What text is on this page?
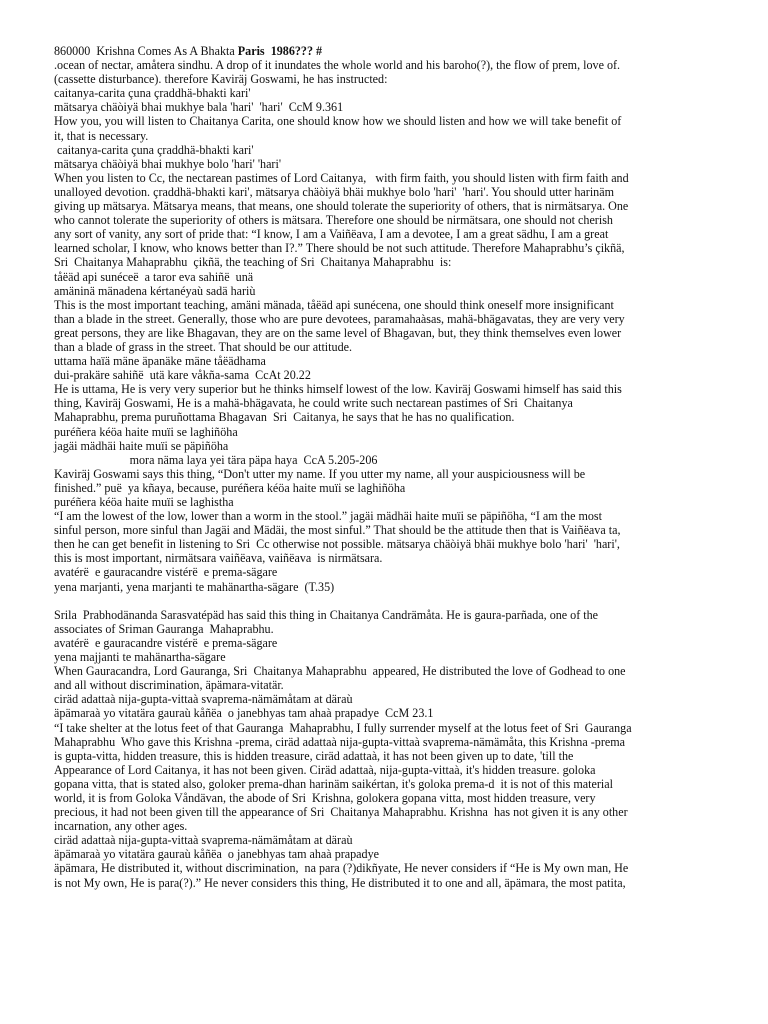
860000 Krishna Comes As A Bhakta Paris 1986??? #
.ocean of nectar, amåtera sindhu. A drop of it inundates the whole world and his baroho(?), the flow of prem, love of.
(cassette disturbance). therefore Kaviräj Goswami, he has instructed:
caitanya-carita çuna çraddhä-bhakti kari'
mätsarya chäòiyä bhai mukhye bala 'hari'  'hari'  CcM 9.361
How you, you will listen to Chaitanya Carita, one should know how we should listen and how we will take benefit of
it, that is necessary.
caitanya-carita çuna çraddhä-bhakti kari'
mätsarya chäòiyä bhai mukhye bolo 'hari' 'hari'
When you listen to Cc, the nectarean pastimes of Lord Caitanya,   with firm faith, you should listen with firm faith and
unalloyed devotion. çraddhä-bhakti kari', mätsarya chäòiyä bhäi mukhye bolo 'hari'  'hari'. You should utter harinäm
giving up mätsarya. Mätsarya means, that means, one should tolerate the superiority of others, that is nirmätsarya. One
who cannot tolerate the superiority of others is mätsara. Therefore one should be nirmätsara, one should not cherish
any sort of vanity, any sort of pride that: “I know, I am a Vaiñëava, I am a devotee, I am a great sädhu, I am a great
learned scholar, I know, who knows better than I?.” There should be not such attitude. Therefore Mahaprabhu’s çikñä,
Sri  Chaitanya Mahaprabhu  çikñä, the teaching of Sri  Chaitanya Mahaprabhu  is:
tåëäd api sunéceë  a taror eva sahiñë  unä
amäninä mänadena kértanéyaù sadä hariù
This is the most important teaching, amäni mänada, tåëäd api sunécena, one should think oneself more insignificant
than a blade in the street. Generally, those who are pure devotees, paramahaàsas, mahä-bhägavatas, they are very very
great persons, they are like Bhagavan, they are on the same level of Bhagavan, but, they think themselves even lower
than a blade of grass in the street. That should be our attitude.
uttama haïä mäne äpanäke mäne tåëädhama
dui-prakäre sahiñë  utä kare våkña-sama  CcAt 20.22
He is uttama, He is very very superior but he thinks himself lowest of the low. Kaviräj Goswami himself has said this
thing, Kaviräj Goswami, He is a mahä-bhägavata, he could write such nectarean pastimes of Sri  Chaitanya
Mahaprabhu, prema puruñottama Bhagavan  Sri  Caitanya, he says that he has no qualification.
puréñera kéöa haite muïi se laghiñöha
jagäi mädhäi haite muïi se päpiñöha
mora näma laya yei tära päpa haya  CcA 5.205-206
Kaviräj Goswami says this thing, “Don't utter my name. If you utter my name, all your auspiciousness will be
finished.” puë  ya kñaya, because, puréñera kéöa haite muïi se laghiñöha
puréñera kéöa haite muïi se laghistha
“I am the lowest of the low, lower than a worm in the stool.” jagäi mädhäi haite muïi se päpiñöha, “I am the most
sinful person, more sinful than Jagäi and Mädäi, the most sinful.” That should be the attitude then that is Vaiñëava ta,
then he can get benefit in listening to Sri  Cc otherwise not possible. mätsarya chäòiyä bhäi mukhye bolo 'hari'  'hari',
this is most important, nirmätsara vaiñëava, vaiñëava  is nirmätsara.
avatérë  e gauracandre vistérë  e prema-sägare
yena marjanti, yena marjanti te mahänartha-sägare  (T.35)
Srila  Prabhodänanda Sarasvatépäd has said this thing in Chaitanya Candrämåta. He is gaura-parñada, one of the
associates of Sriman Gauranga  Mahaprabhu.
avatérë  e gauracandre vistérë  e prema-sägare
yena majjanti te mahänartha-sägare
When Gauracandra, Lord Gauranga, Sri  Chaitanya Mahaprabhu  appeared, He distributed the love of Godhead to one
and all without discrimination, äpämara-vitatär.
ciräd adattaà nija-gupta-vittaà svaprema-nämämåtam at däraù
äpämaraà yo vitatära gauraù kåñëa  o janebhyas tam ahaà prapadye  CcM 23.1
“I take shelter at the lotus feet of that Gauranga  Mahaprabhu, I fully surrender myself at the lotus feet of Sri  Gauranga
Mahaprabhu  Who gave this Krishna -prema, ciräd adattaà nija-gupta-vittaà svaprema-nämämåta, this Krishna -prema
is gupta-vitta, hidden treasure, this is hidden treasure, ciräd adattaà, it has not been given up to date, 'till the
Appearance of Lord Caitanya, it has not been given. Ciräd adattaà, nija-gupta-vittaà, it's hidden treasure. goloka
gopana vitta, that is stated also, goloker prema-dhan harinäm saikértan, it's goloka prema-d  it is not of this material
world, it is from Goloka Våndävan, the abode of Sri  Krishna, golokera gopana vitta, most hidden treasure, very
precious, it had not been given till the appearance of Sri  Chaitanya Mahaprabhu. Krishna  has not given it is any other
incarnation, any other ages.
ciräd adattaà nija-gupta-vittaà svaprema-nämämåtam at däraù
äpämaraà yo vitatära gauraù kåñëa  o janebhyas tam ahaà prapadye
äpämara, He distributed it, without discrimination,  na para (?)dikñyate, He never considers if “He is My own man, He
is not My own, He is para(?).” He never considers this thing, He distributed it to one and all, äpämara, the most patita,
